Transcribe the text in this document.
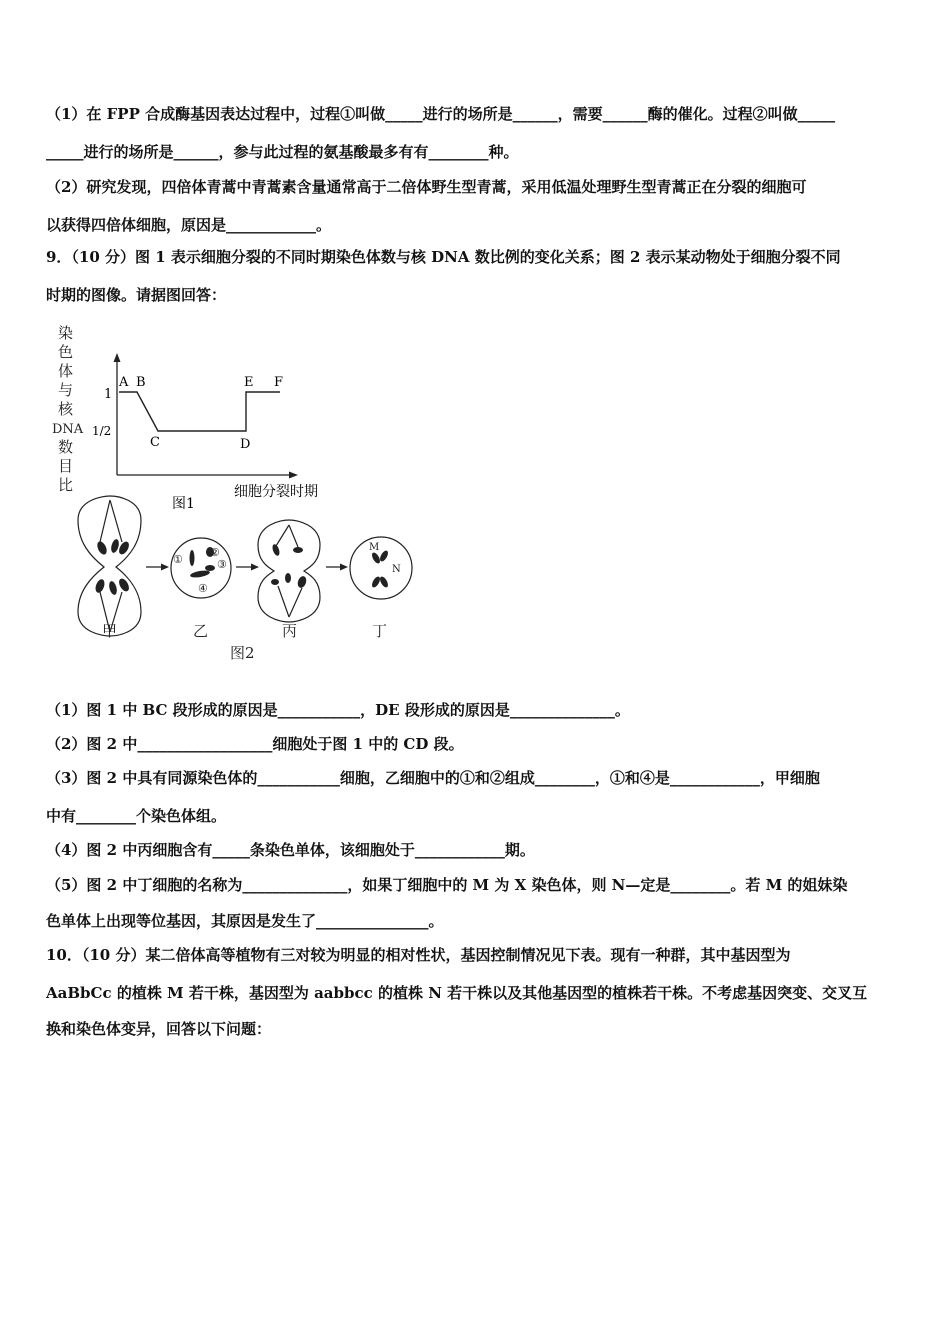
（1）在 FPP 合成酶基因表达过程中，过程①叫做_____进行的场所是______，需要______酶的催化。过程②叫做_____
_____进行的场所是______，参与此过程的氨基酸最多有有________种。
（2）研究发现，四倍体青蒿中青蒿素含量通常高于二倍体野生型青蒿，采用低温处理野生型青蒿正在分裂的细胞可
以获得四倍体细胞，原因是____________。
9．（10 分）图 1 表示细胞分裂的不同时期染色体数与核 DNA 数比例的变化关系；图 2 表示某动物处于细胞分裂不同
时期的图像。请据图回答：
染
色
体
与
核
DNA
数
目
比
1
1/2
A B
C	D
E F
细胞分裂时期
图1
①
②
③
④
M
N
甲	乙	丙	丁
图2
（1）图 1 中 BC 段形成的原因是___________，DE 段形成的原因是______________。
（2）图 2 中__________________细胞处于图 1 中的 CD 段。
（3）图 2 中具有同源染色体的___________细胞，乙细胞中的①和②组成________，①和④是____________，甲细胞
中有________个染色体组。
（4）图 2 中丙细胞含有_____条染色单体，该细胞处于____________期。
（5）图 2 中丁细胞的名称为______________，如果丁细胞中的 M 为 X 染色体，则 N—定是________。若 M 的姐妹染
色单体上出现等位基因，其原因是发生了_______________。
10．（10 分）某二倍体高等植物有三对较为明显的相对性状，基因控制情况见下表。现有一种群，其中基因型为
AaBbCc 的植株 M 若干株，基因型为 aabbcc 的植株 N 若干株以及其他基因型的植株若干株。不考虑基因突变、交叉互
换和染色体变异，回答以下问题：
